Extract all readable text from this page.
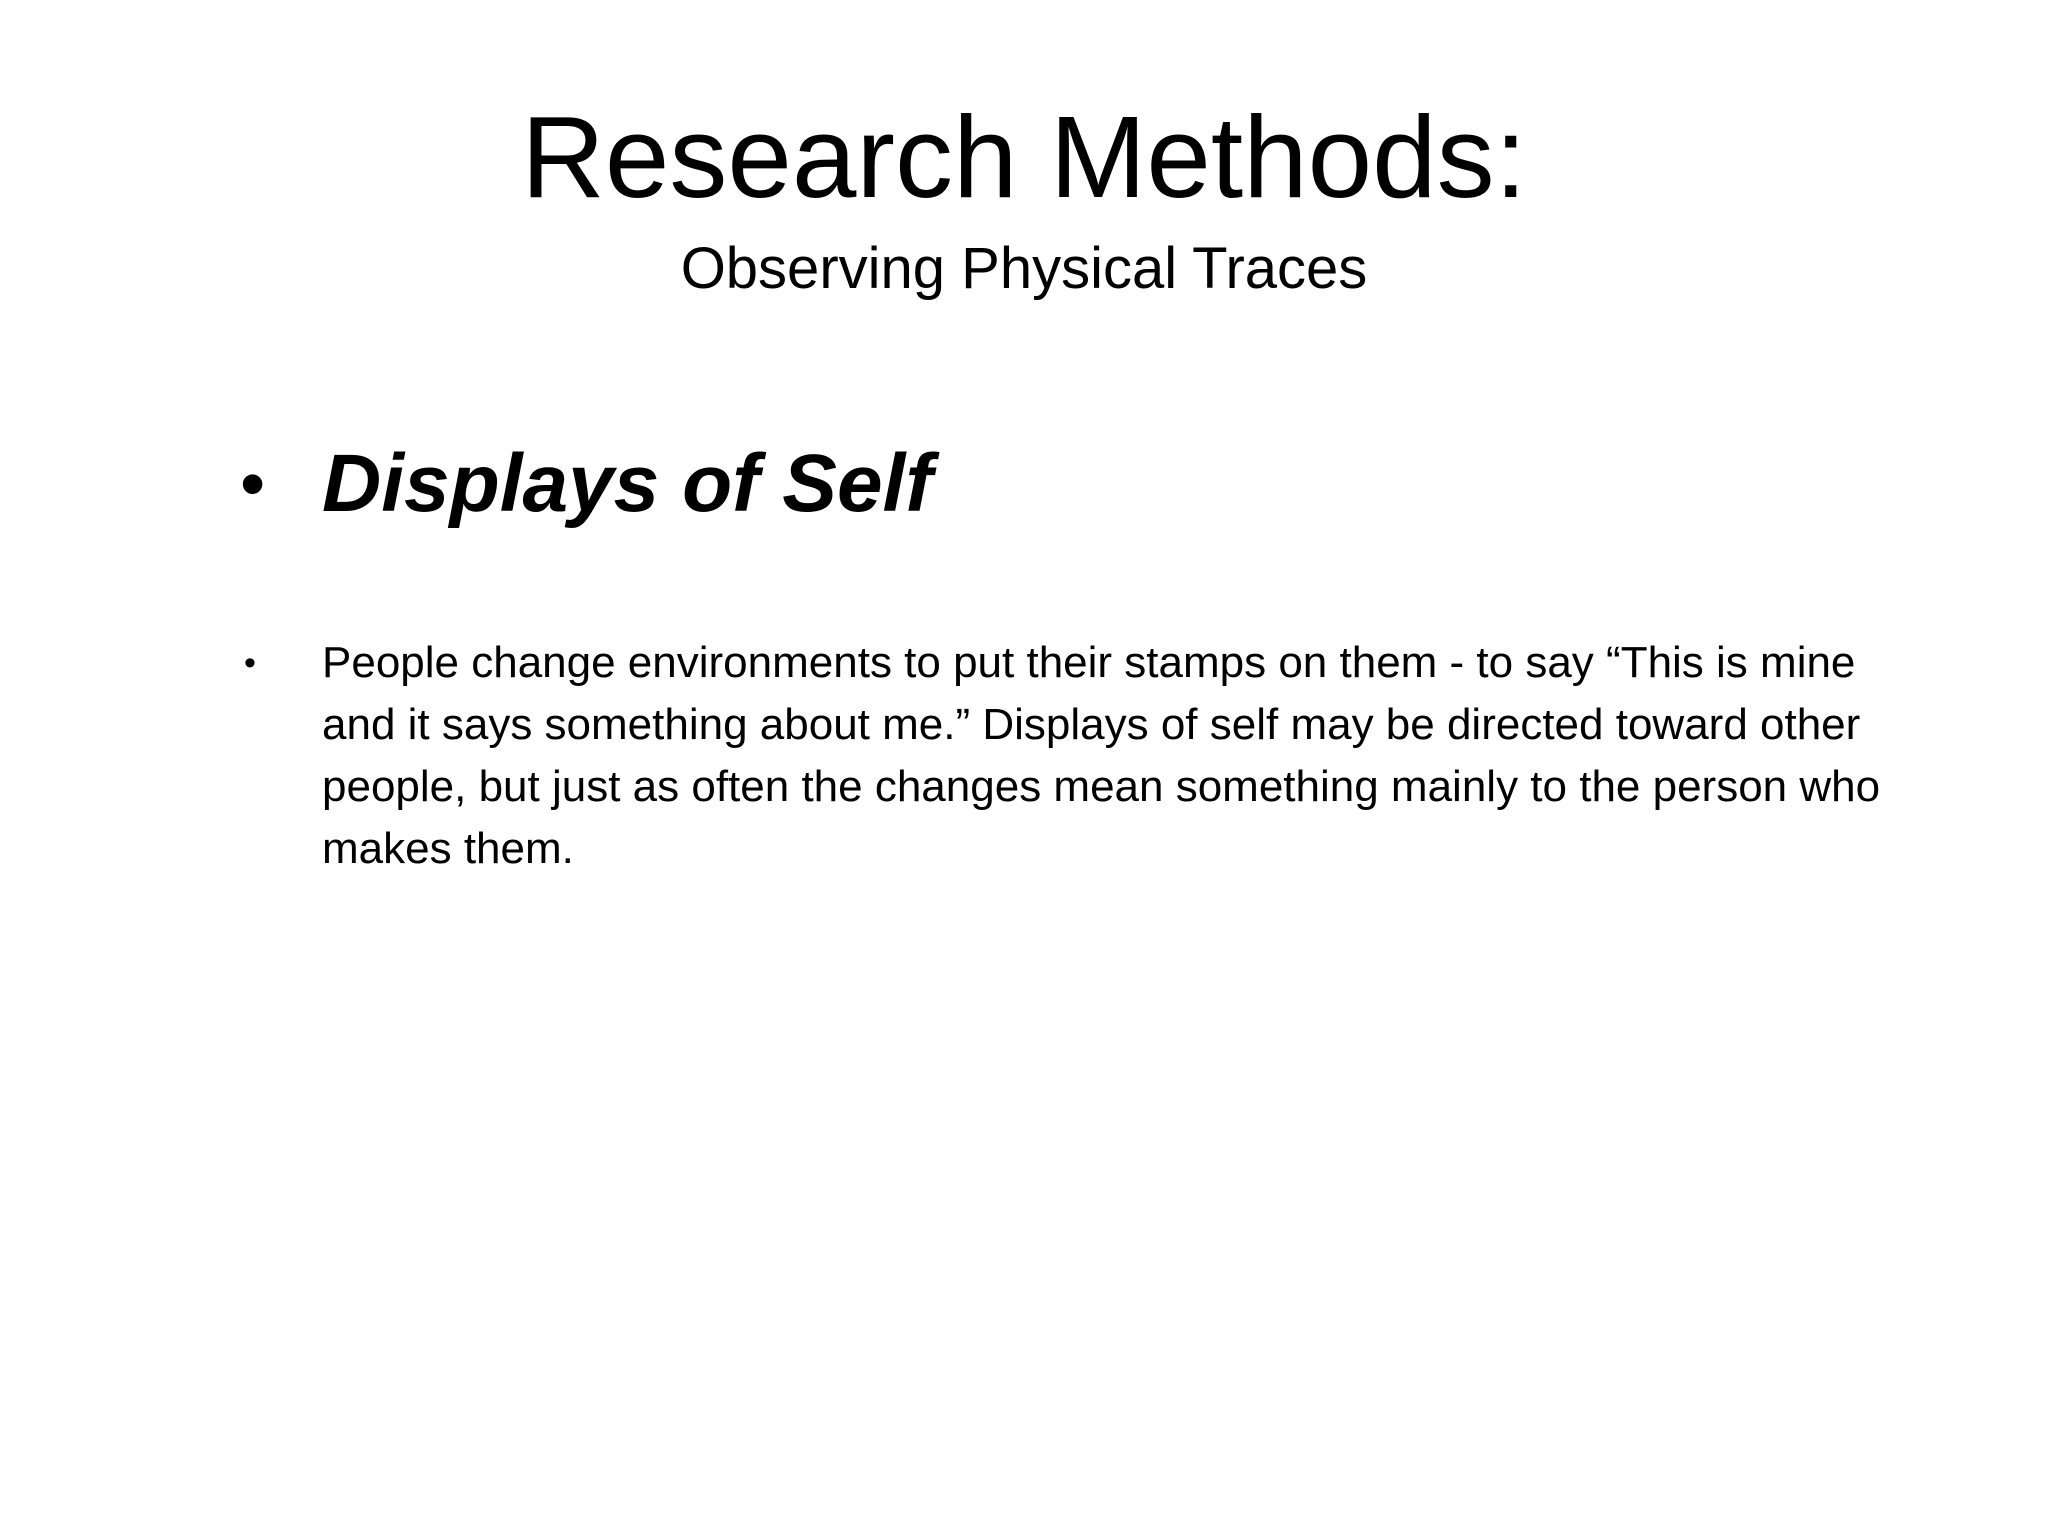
Research Methods:
Observing Physical Traces
• Displays of Self
• People change environments to put their stamps on them - to say “This is mine and it says something about me.” Displays of self may be directed toward other people, but just as often the changes mean something mainly to the person who makes them.
